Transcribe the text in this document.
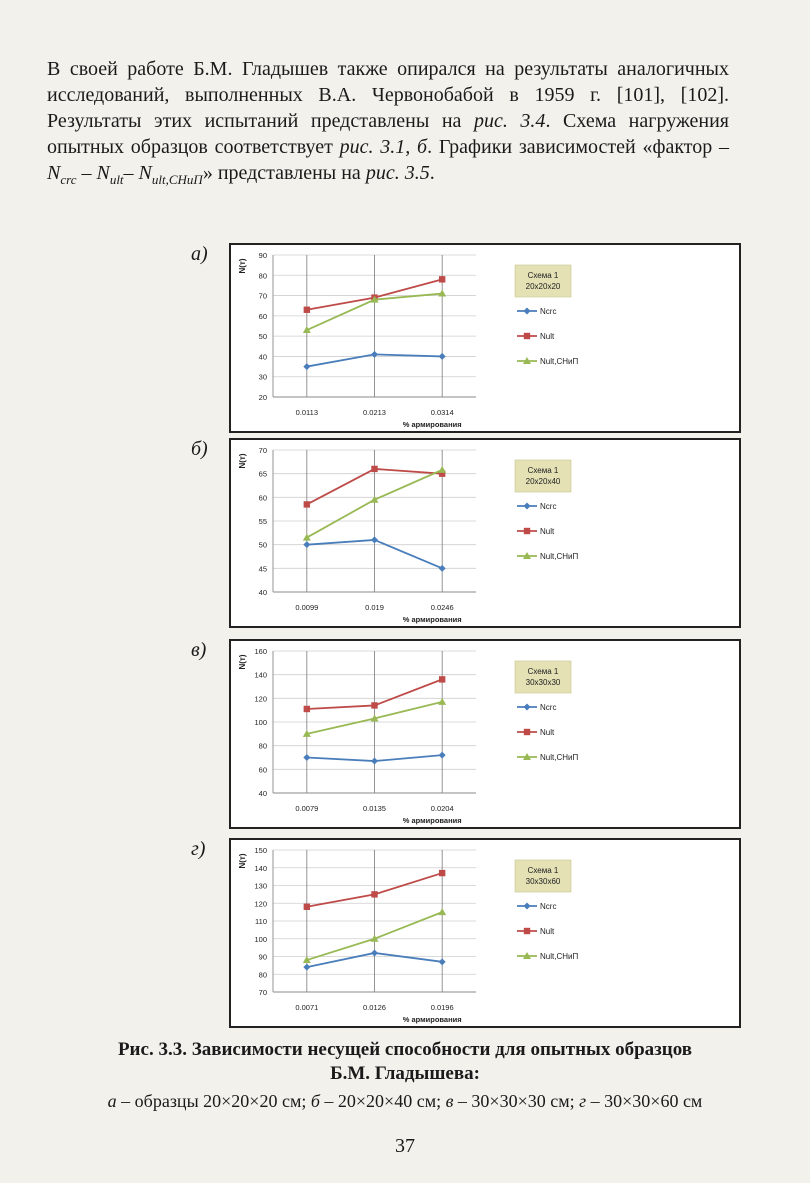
В своей работе Б.М. Гладышев также опирался на результаты аналогичных исследований, выполненных В.А. Червонобабой в 1959 г. [101], [102]. Результаты этих испытаний представлены на рис. 3.4. Схема нагружения опытных образцов соответствует рис. 3.1, б. Графики зависимостей «фактор – $N_{crc} - N_{ult}-$ $N_{ult,СНиП}$» представлены на рис. 3.5.

а)
20
30
40
50
60
70
80
90
N(т)
0.0113	0.0213	0.0314
% армирования
Схема 1
20х20х20
Ncrc
Nult
Nult,СНиП
б)
40
45
50
55
60
65
70
N(т)
0.0099	0.019	0.0246
% армирования
Схема 1
20х20х40
Ncrc
Nult
Nult,СНиП
в)
40
60
80
100
120
140
160
N(т)
0.0079	0.0135	0.0204
% армирования
Схема 1
30х30х30
Ncrc
Nult
Nult,СНиП
г)
70
80
90
100
110
120
130
140
150
N(т)
0.0071	0.0126	0.0196
% армирования
Схема 1
30х30х60
Ncrc
Nult
Nult,СНиП

Рис. 3.3. Зависимости несущей способности для опытных образцов
Б.М. Гладышева:

а – образцы 20×20×20 см; б – 20×20×40 см; в – 30×30×30 см; г – 30×30×60 см

37
